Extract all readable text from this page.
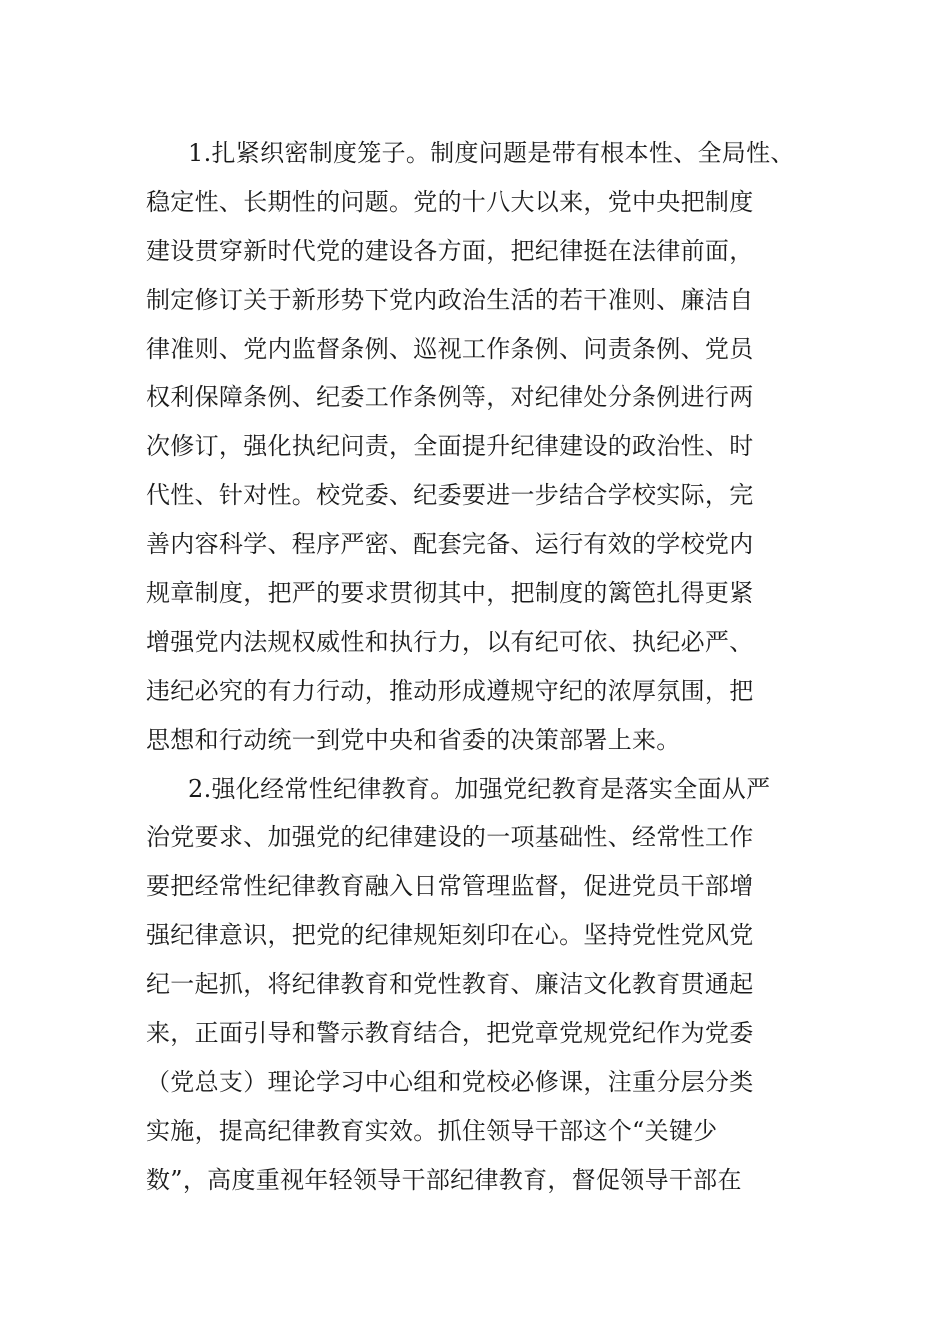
1.扎紧织密制度笼子。制度问题是带有根本性、全局性、
稳定性、长期性的问题。党的十八大以来，党中央把制度
建设贯穿新时代党的建设各方面，把纪律挺在法律前面，
制定修订关于新形势下党内政治生活的若干准则、廉洁自
律准则、党内监督条例、巡视工作条例、问责条例、党员
权利保障条例、纪委工作条例等，对纪律处分条例进行两
次修订，强化执纪问责，全面提升纪律建设的政治性、时
代性、针对性。校党委、纪委要进一步结合学校实际，完
善内容科学、程序严密、配套完备、运行有效的学校党内
规章制度，把严的要求贯彻其中，把制度的篱笆扎得更紧
增强党内法规权威性和执行力，以有纪可依、执纪必严、
违纪必究的有力行动，推动形成遵规守纪的浓厚氛围，把
思想和行动统一到党中央和省委的决策部署上来。
2.强化经常性纪律教育。加强党纪教育是落实全面从严
治党要求、加强党的纪律建设的一项基础性、经常性工作
要把经常性纪律教育融入日常管理监督，促进党员干部增
强纪律意识，把党的纪律规矩刻印在心。坚持党性党风党
纪一起抓，将纪律教育和党性教育、廉洁文化教育贯通起
来，正面引导和警示教育结合，把党章党规党纪作为党委
（党总支）理论学习中心组和党校必修课，注重分层分类
实施，提高纪律教育实效。抓住领导干部这个“关键少
数”，高度重视年轻领导干部纪律教育，督促领导干部在
